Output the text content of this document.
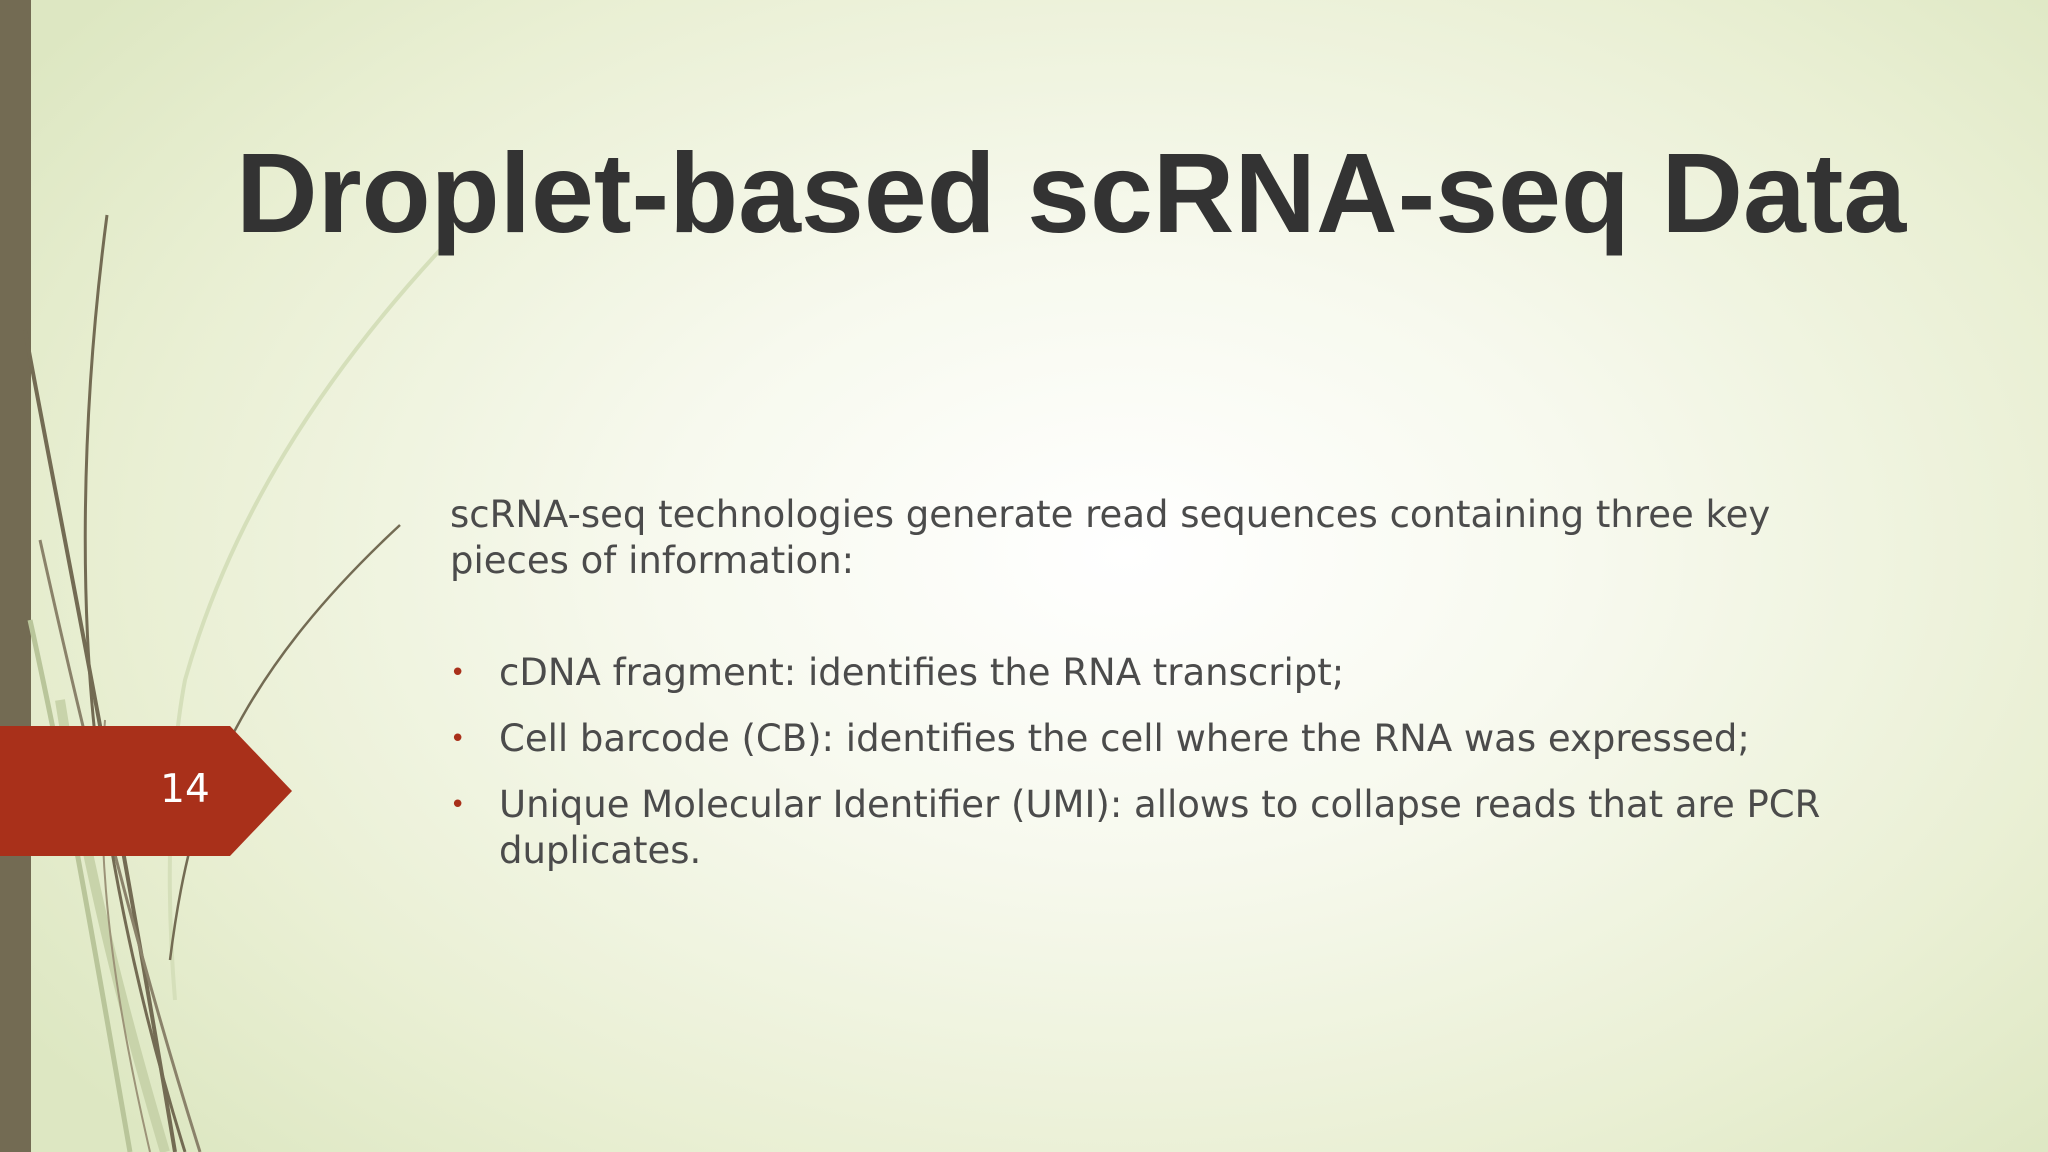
Droplet-based scRNA-seq Data
14

scRNA-seq technologies generate read sequences containing three key pieces of information:

• cDNA fragment: identifies the RNA transcript;
• Cell barcode (CB): identifies the cell where the RNA was expressed;
• Unique Molecular Identifier (UMI): allows to collapse reads that are PCR duplicates.
